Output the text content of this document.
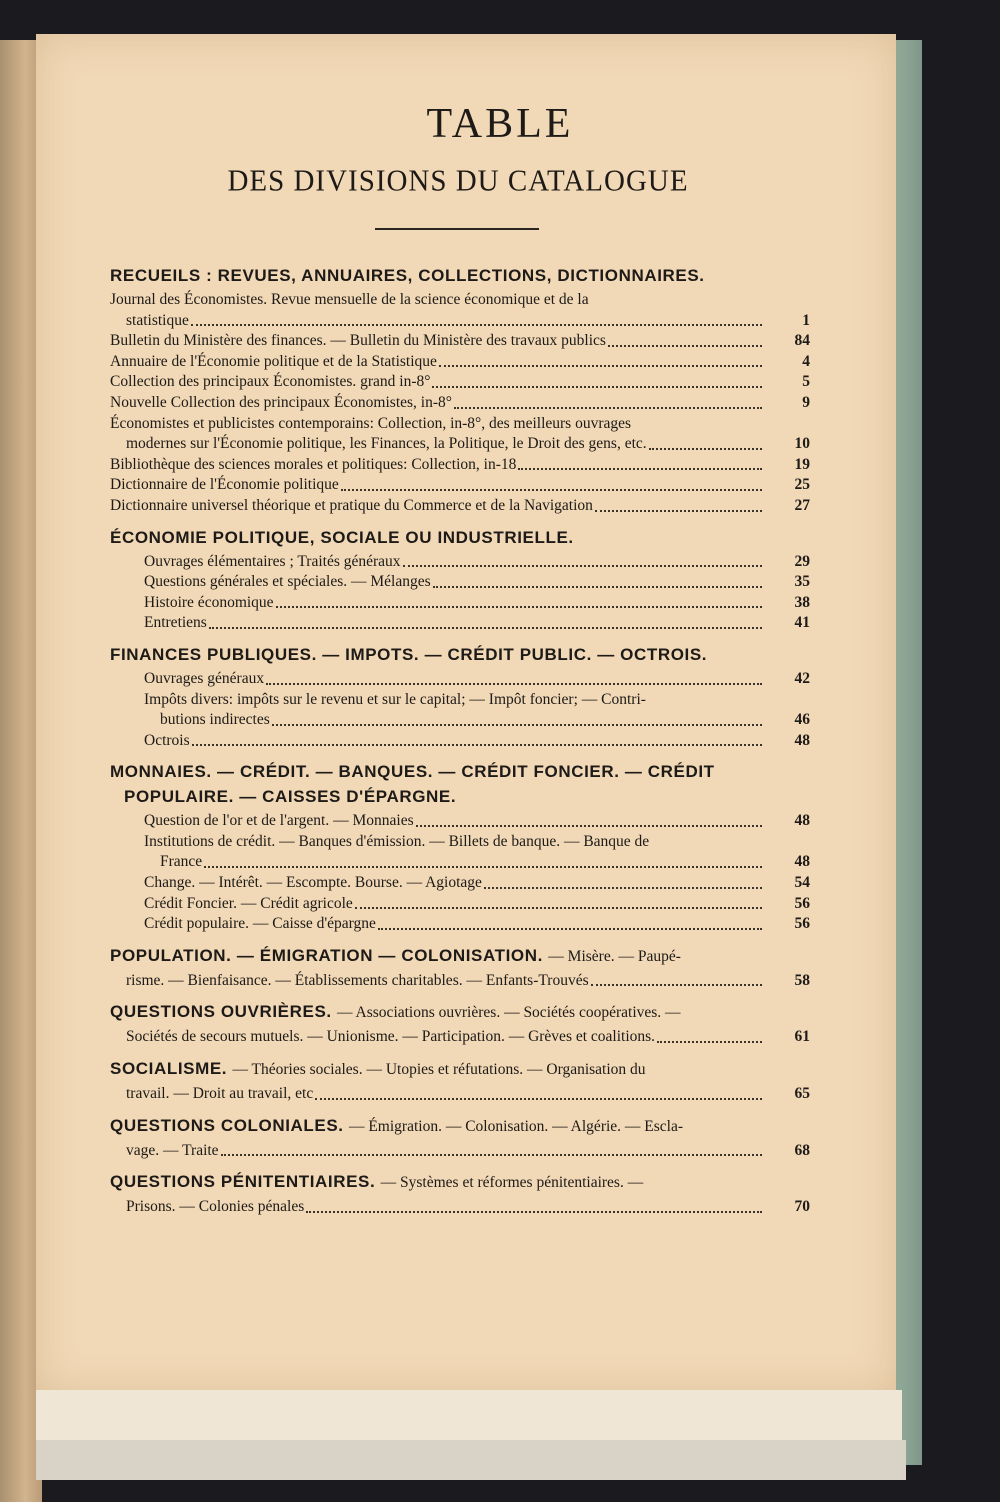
TABLE
DES DIVISIONS DU CATALOGUE
RECUEILS : REVUES, ANNUAIRES, COLLECTIONS, DICTIONNAIRES.
Journal des Économistes. Revue mensuelle de la science économique et de la
statistique	1
Bulletin du Ministère des finances. — Bulletin du Ministère des travaux publics	84
Annuaire de l'Économie politique et de la Statistique	4
Collection des principaux Économistes. grand in-8°	5
Nouvelle Collection des principaux Économistes, in-8°	9
Économistes et publicistes contemporains: Collection, in-8°, des meilleurs ouvrages
modernes sur l'Économie politique, les Finances, la Politique, le Droit des gens, etc.	10
Bibliothèque des sciences morales et politiques: Collection, in-18	19
Dictionnaire de l'Économie politique	25
Dictionnaire universel théorique et pratique du Commerce et de la Navigation	27
ÉCONOMIE POLITIQUE, SOCIALE OU INDUSTRIELLE.
Ouvrages élémentaires ; Traités généraux	29
Questions générales et spéciales. — Mélanges	35
Histoire économique	38
Entretiens	41
FINANCES PUBLIQUES. — IMPOTS. — CRÉDIT PUBLIC. — OCTROIS.
Ouvrages généraux	42
Impôts divers: impôts sur le revenu et sur le capital; — Impôt foncier; — Contri-
butions indirectes	46
Octrois	48
MONNAIES. — CRÉDIT. — BANQUES. — CRÉDIT FONCIER. — CRÉDIT
POPULAIRE. — CAISSES D'ÉPARGNE.
Question de l'or et de l'argent. — Monnaies	48
Institutions de crédit. — Banques d'émission. — Billets de banque. — Banque de
France	48
Change. — Intérêt. — Escompte. Bourse. — Agiotage	54
Crédit Foncier. — Crédit agricole	56
Crédit populaire. — Caisse d'épargne	56
POPULATION. — ÉMIGRATION — COLONISATION. — Misère. — Paupé-
risme. — Bienfaisance. — Établissements charitables. — Enfants-Trouvés	58
QUESTIONS OUVRIÈRES. — Associations ouvrières. — Sociétés coopératives. —
Sociétés de secours mutuels. — Unionisme. — Participation. — Grèves et coalitions.	61
SOCIALISME. — Théories sociales. — Utopies et réfutations. — Organisation du
travail. — Droit au travail, etc	65
QUESTIONS COLONIALES. — Émigration. — Colonisation. — Algérie. — Escla-
vage. — Traite	68
QUESTIONS PÉNITENTIAIRES. — Systèmes et réformes pénitentiaires. —
Prisons. — Colonies pénales	70
